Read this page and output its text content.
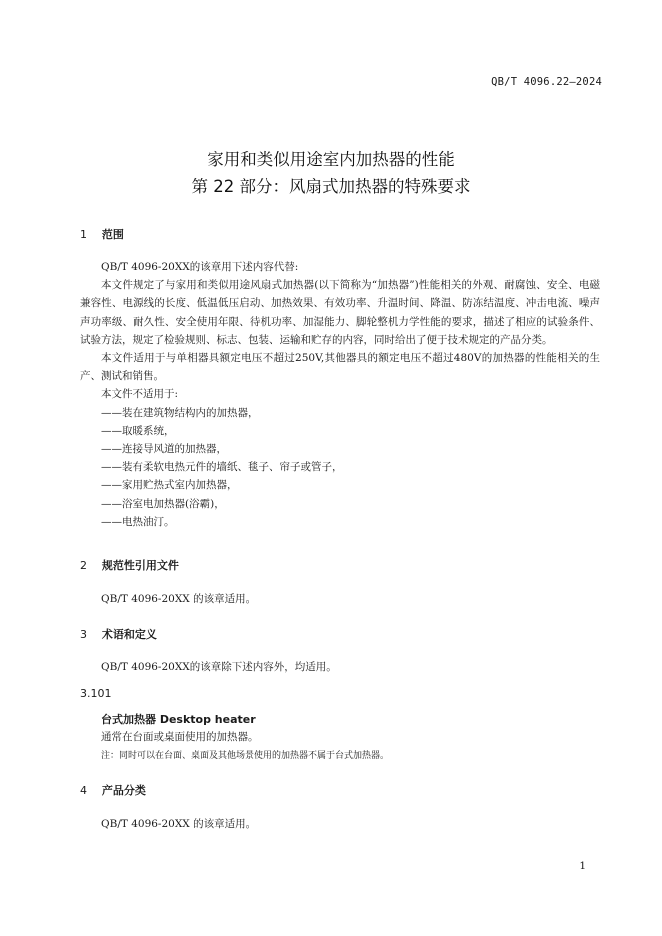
QB/T 4096.22—2024
家用和类似用途室内加热器的性能
第 22 部分：风扇式加热器的特殊要求
1 范围
QB/T 4096-20XX的该章用下述内容代替:
本文件规定了与家用和类似用途风扇式加热器(以下简称为“加热器”)性能相关的外观、耐腐蚀、安全、电磁兼容性、电源线的长度、低温低压启动、加热效果、有效功率、升温时间、降温、防冻结温度、冲击电流、噪声声功率级、耐久性、安全使用年限、待机功率、加湿能力、脚轮整机力学性能的要求，描述了相应的试验条件、试验方法，规定了检验规则、标志、包装、运输和贮存的内容，同时给出了便于技术规定的产品分类。
本文件适用于与单相器具额定电压不超过250V,其他器具的额定电压不超过480V的加热器的性能相关的生产、测试和销售。
本文件不适用于:
——装在建筑物结构内的加热器，
——取暖系统，
——连接导风道的加热器，
——装有柔软电热元件的墙纸、毯子、帘子或管子，
——家用贮热式室内加热器，
——浴室电加热器(浴霸)，
——电热油汀。
2 规范性引用文件
QB/T 4096-20XX 的该章适用。
3 术语和定义
QB/T 4096-20XX的该章除下述内容外，均适用。
3.101
台式加热器 Desktop heater
通常在台面或桌面使用的加热器。
注：同时可以在台面、桌面及其他场景使用的加热器不属于台式加热器。
4 产品分类
QB/T 4096-20XX 的该章适用。
1
